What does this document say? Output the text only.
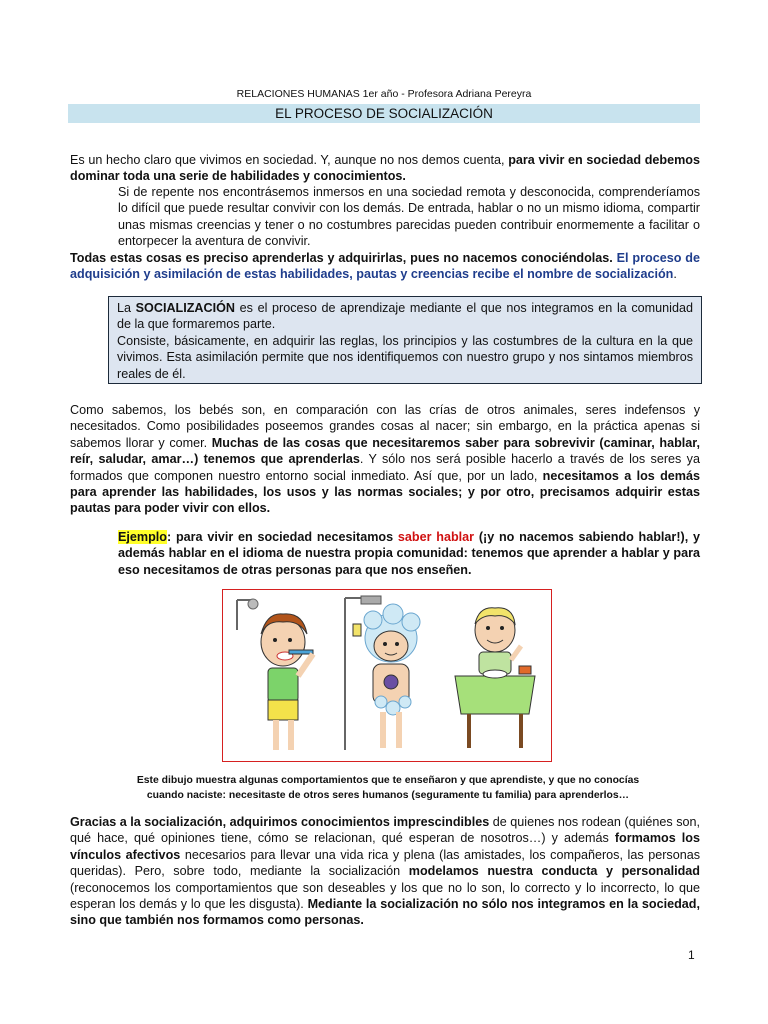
RELACIONES HUMANAS 1er año - Profesora Adriana Pereyra
EL PROCESO DE SOCIALIZACIÓN
Es un hecho claro que vivimos en sociedad. Y, aunque no nos demos cuenta, para vivir en sociedad debemos dominar toda una serie de habilidades y conocimientos.
Si de repente nos encontrásemos inmersos en una sociedad remota y desconocida, comprenderíamos lo difícil que puede resultar convivir con los demás. De entrada, hablar o no un mismo idioma, compartir unas mismas creencias y tener o no costumbres parecidas pueden contribuir enormemente a facilitar o entorpecer la aventura de convivir.
Todas estas cosas es preciso aprenderlas y adquirirlas, pues no nacemos conociéndolas. El proceso de adquisición y asimilación de estas habilidades, pautas y creencias recibe el nombre de socialización.
La SOCIALIZACIÓN es el proceso de aprendizaje mediante el que nos integramos en la comunidad de la que formaremos parte.
Consiste, básicamente, en adquirir las reglas, los principios y las costumbres de la cultura en la que vivimos. Esta asimilación permite que nos identifiquemos con nuestro grupo y nos sintamos miembros reales de él.
Como sabemos, los bebés son, en comparación con las crías de otros animales, seres indefensos y necesitados. Como posibilidades poseemos grandes cosas al nacer; sin embargo, en la práctica apenas si sabemos llorar y comer. Muchas de las cosas que necesitaremos saber para sobrevivir (caminar, hablar, reír, saludar, amar…) tenemos que aprenderlas. Y sólo nos será posible hacerlo a través de los seres ya formados que componen nuestro entorno social inmediato. Así que, por un lado, necesitamos a los demás para aprender las habilidades, los usos y las normas sociales; y por otro, precisamos adquirir estas pautas para poder vivir con ellos.
Ejemplo: para vivir en sociedad necesitamos saber hablar (¡y no nacemos sabiendo hablar!), y además hablar en el idioma de nuestra propia comunidad: tenemos que aprender a hablar y para eso necesitamos de otras personas para que nos enseñen.
Este dibujo muestra algunas comportamientos que te enseñaron y que aprendiste, y que no conocías
cuando naciste: necesitaste de otros seres humanos (seguramente tu familia) para aprenderlos…
Gracias a la socialización, adquirimos conocimientos imprescindibles de quienes nos rodean (quiénes son, qué hace, qué opiniones tiene, cómo se relacionan, qué esperan de nosotros…) y además formamos los vínculos afectivos necesarios para llevar una vida rica y plena (las amistades, los compañeros, las personas queridas). Pero, sobre todo, mediante la socialización modelamos nuestra conducta y personalidad (reconocemos los comportamientos que son deseables y los que no lo son, lo correcto y lo incorrecto, lo que esperan los demás y lo que les disgusta). Mediante la socialización no sólo nos integramos en la sociedad, sino que también nos formamos como personas.
1
